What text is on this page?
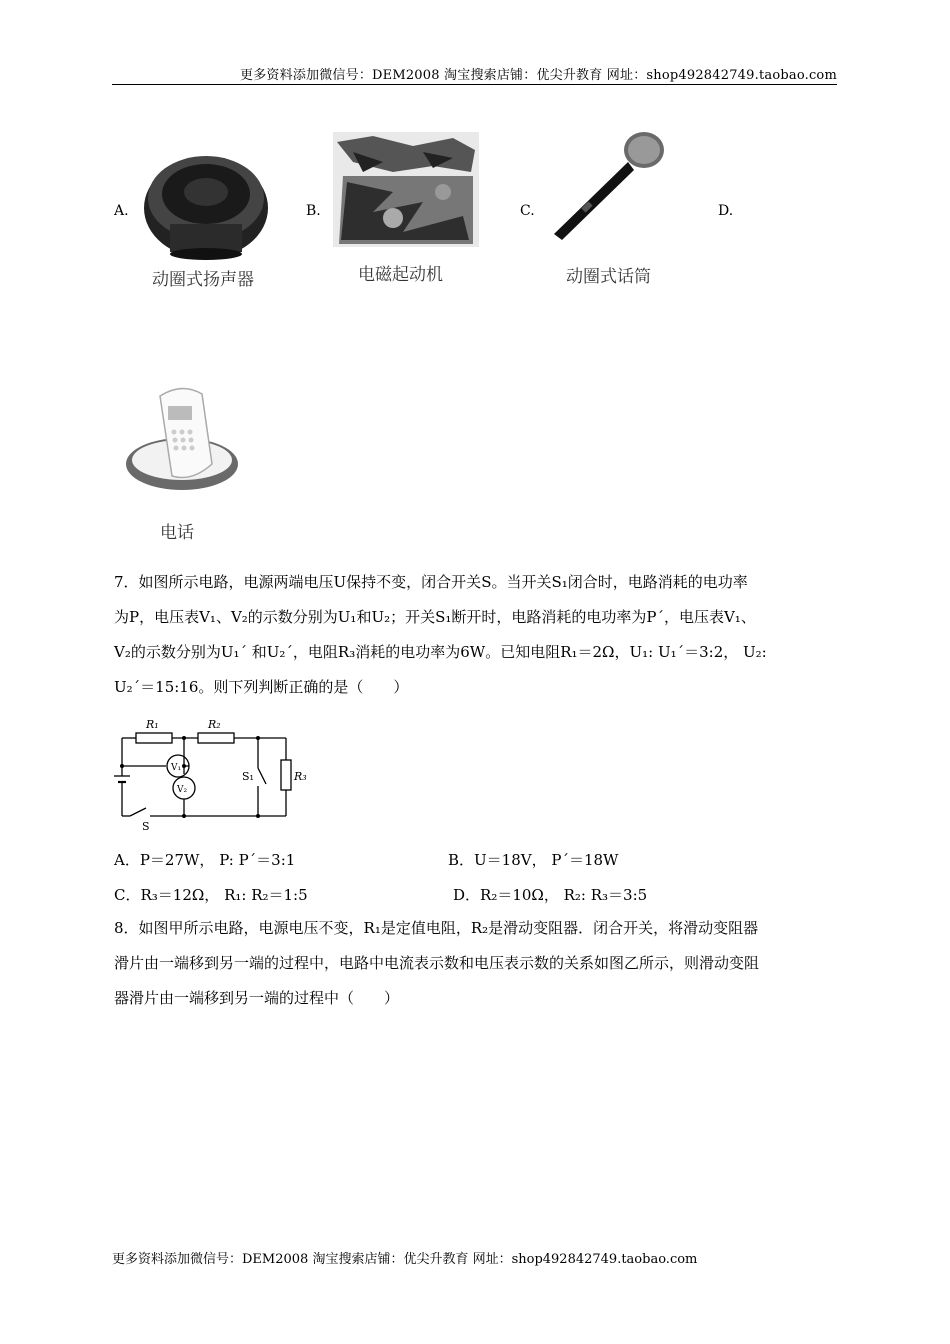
更多资料添加微信号：DEM2008 淘宝搜索店铺：优尖升教育 网址：shop492842749.taobao.com
A.
动圈式扬声器
B.
电磁起动机
C.
动圈式话筒
D.
电话
7．如图所示电路，电源两端电压U保持不变，闭合开关S。当开关S₁闭合时，电路消耗的电功率
为P，电压表V₁、V₂的示数分别为U₁和U₂；开关S₁断开时，电路消耗的电功率为P´，电压表V₁、
V₂的示数分别为U₁´ 和U₂´，电阻R₃消耗的电功率为6W。已知电阻R₁＝2Ω，U₁: U₁´＝3:2， U₂:
U₂´＝15:16。则下列判断正确的是（　　）
R₁	R₂
R₃
S₁
S
V₁
V₂
A．P＝27W， P: P´＝3:1	B．U＝18V， P´＝18W
C．R₃＝12Ω， R₁: R₂＝1:5	D．R₂＝10Ω， R₂: R₃＝3:5
8．如图甲所示电路，电源电压不变，R₁是定值电阻，R₂是滑动变阻器．闭合开关，将滑动变阻器
滑片由一端移到另一端的过程中，电路中电流表示数和电压表示数的关系如图乙所示，则滑动变阻
器滑片由一端移到另一端的过程中（　　）
更多资料添加微信号：DEM2008 淘宝搜索店铺：优尖升教育 网址：shop492842749.taobao.com
